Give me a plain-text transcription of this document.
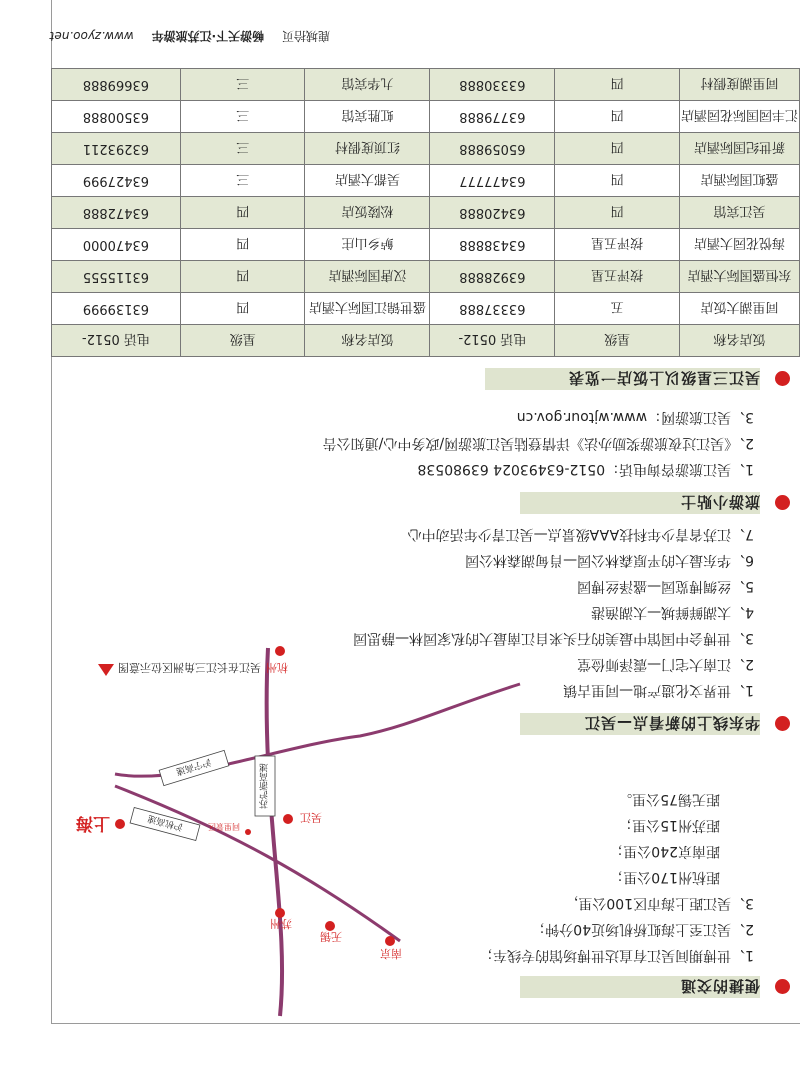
便捷的交通
1、世博期间吴江有直达世博场馆的专线车；
2、吴江至上海虹桥机场近40分钟；
3、吴江距上海市区100公里，
距杭州170公里；
距南京240公里；
距苏州15公里；
距无锡75公里。
沪杭高速
沪宁高速	苏沪浙高速
上海	吴江
同里景区
杭州
苏州
无锡
南京
吴江在长江三角洲区位示意图
华东线上的新看点—吴江
1、世界文化遗产地—同里古镇
2、江南大宅门—震泽师俭堂
3、世博会中国馆中最美的石头来自江南最大的私家园林—静思园
4、太湖鲜鲜城—太湖渔港
5、丝绸博览园—盛泽丝博园
6、华东最大的平原森林公园—肖甸湖森林公园
7、江苏省青少年科技AAA级景点—吴江青少年活动中心
旅游小贴士
1、吴江旅游咨询电话：0512-63493024 63980538
2、《吴江过夜旅游奖励办法》详情登陆吴江旅游网/政务中心/通知公告
3、吴江旅游网：www.wjtour.gov.cn
吴江三星级以上饭店一览表
饭店名称	星级	电话 0512-	饭店名称	星级	电话 0512-
同里湖大饭店	五	63337888	盛世锦江国际大酒店	四	63139999
东恒盛国际大酒店	按评五星	63928888	汉唐国际酒店	四	63115555
海悦花园大酒店	按评五星	63438888	鲈乡山庄	四	63470000
吴江宾馆	四	63420888	松陵饭店	四	63472888
盛虹国际酒店	四	63477777	吴都大酒店	三	63427999
新世纪国际酒店	四	65059888	红顶度假村	三	63293211
汇丰园国际花园酒店	四	63779888	虹胜宾馆	三	63500888
同里湖度假村	四	63330888	九华宾馆	三	63669888
鹿城拾页 畅游天下·江苏旅游年 www.zyoo.net
